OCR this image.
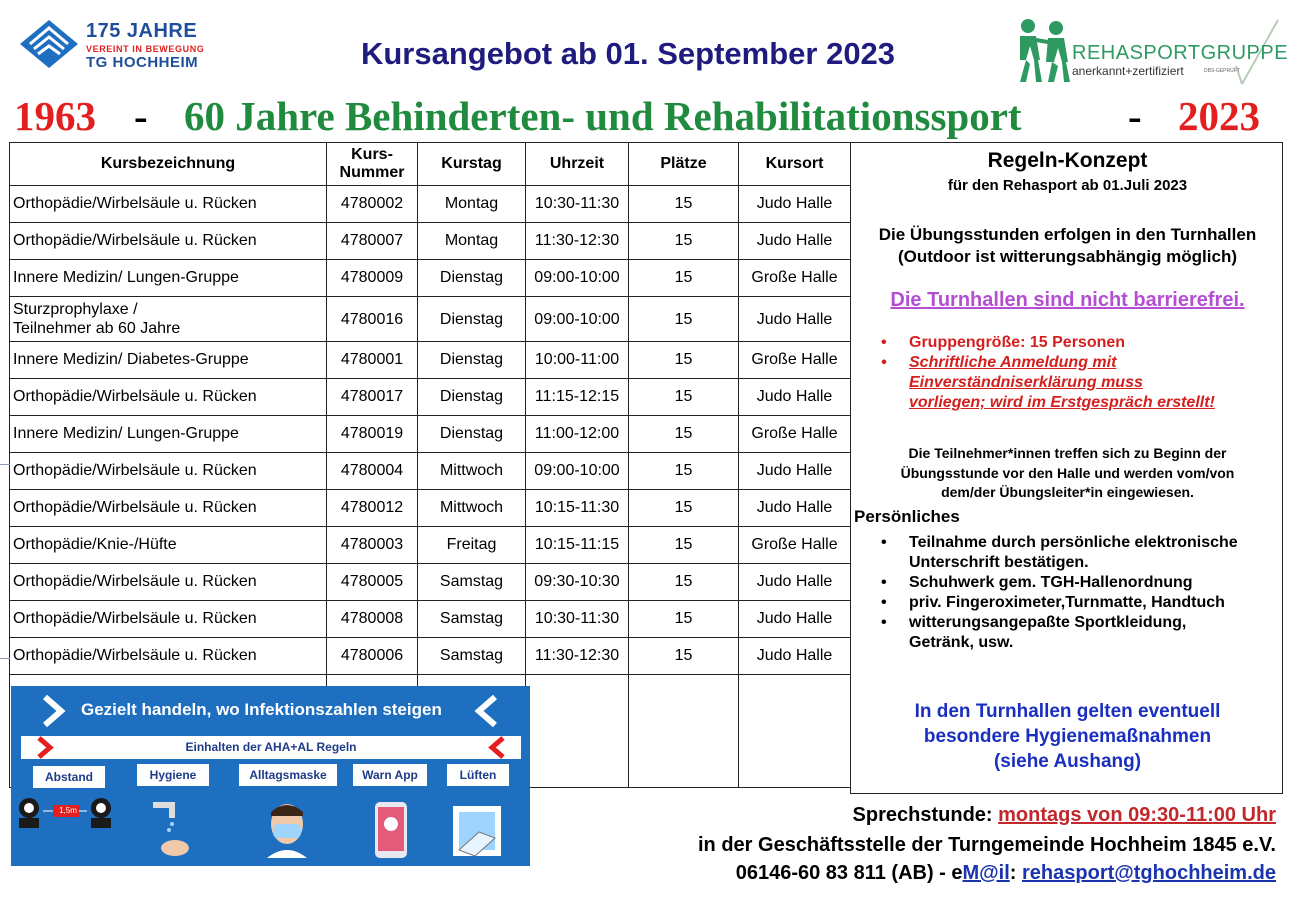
175 JAHRE
VEREINT IN BEWEGUNG
TG HOCHHEIM	Kursangebot ab 01. September 2023	REHASPORTGRUPPE
anerkannt+zertifiziert	DBS-GEPRÜFT
1963 - 60 Jahre Behinderten- und Rehabilitationssport	- 2023
Kursbezeichnung	Kurs-Nummer	Kurstag	Uhrzeit	Plätze	Kursort
Orthopädie/Wirbelsäule u. Rücken	4780002	Montag	10:30-11:30	15	Judo Halle
Orthopädie/Wirbelsäule u. Rücken	4780007	Montag	11:30-12:30	15	Judo Halle
Innere Medizin/ Lungen-Gruppe	4780009	Dienstag	09:00-10:00	15	Große Halle

Sturzprophylaxe /
Teilnehmer ab 60 Jahre	4780016	Dienstag	09:00-10:00	15	Judo Halle
Innere Medizin/ Diabetes-Gruppe	4780001	Dienstag	10:00-11:00	15	Große Halle
Orthopädie/Wirbelsäule u. Rücken	4780017	Dienstag	11:15-12:15	15	Judo Halle
Innere Medizin/ Lungen-Gruppe	4780019	Dienstag	11:00-12:00	15	Große Halle
Orthopädie/Wirbelsäule u. Rücken	4780004	Mittwoch	09:00-10:00	15	Judo Halle
Orthopädie/Wirbelsäule u. Rücken	4780012	Mittwoch	10:15-11:30	15	Judo Halle
Orthopädie/Knie-/Hüfte	4780003	Freitag	10:15-11:15	15	Große Halle
Orthopädie/Wirbelsäule u. Rücken	4780005	Samstag	09:30-10:30	15	Judo Halle
Orthopädie/Wirbelsäule u. Rücken	4780008	Samstag	10:30-11:30	15	Judo Halle
Orthopädie/Wirbelsäule u. Rücken	4780006	Samstag	11:30-12:30	15	Judo Halle

Regeln-Konzept
für den Rehasport ab 01.Juli 2023
Die Übungsstunden erfolgen in den Turnhallen
(Outdoor ist witterungsabhängig möglich)
Die Turnhallen sind nicht barrierefrei.
• Gruppengröße: 15 Personen
• Schriftliche Anmeldung mit
Einverständniserklärung muss
vorliegen; wird im Erstgespräch erstellt!
Die Teilnehmer*innen treffen sich zu Beginn der
Übungsstunde vor den Halle und werden vom/von
dem/der Übungsleiter*in eingewiesen.
Persönliches
• Teilnahme durch persönliche elektronische
Unterschrift bestätigen.
• Schuhwerk gem. TGH-Hallenordnung
• priv. Fingeroximeter,Turnmatte, Handtuch
• witterungsangepaßte Sportkleidung,
Getränk, usw.
In den Turnhallen gelten eventuell
besondere Hygienemaßnahmen
(siehe Aushang)
Gezielt handeln, wo Infektionszahlen steigen
Einhalten der AHA+AL Regeln
Abstand	Hygiene	Alltagsmaske	Warn App	Lüften
1,5m	Sprechstunde: montags von 09:30-11:00 Uhr
in der Geschäftsstelle der Turngemeinde Hochheim 1845 e.V.
06146-60 83 811 (AB) - eM@il: rehasport@tghochheim.de
